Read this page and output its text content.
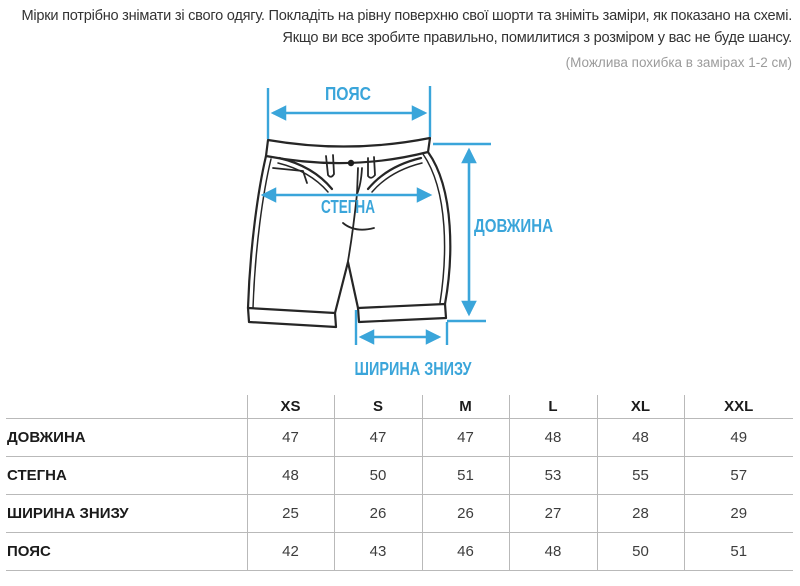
Мірки потрібно знімати зі свого одягу. Покладіть на рівну поверхню свої шорти та зніміть заміри, як показано на схемі.
Якщо ви все зробите правильно, помилитися з розміром у вас не буде шансу.
(Можлива похибка в замірах 1-2 см)
ПОЯС
СТЕГНА
ДОВЖИНА
ШИРИНА ЗНИЗУ
	XS	S	M	L	XL	XXL
ДОВЖИНА	47	47	47	48	48	49
СТЕГНА	48	50	51	53	55	57
ШИРИНА ЗНИЗУ	25	26	26	27	28	29
ПОЯС	42	43	46	48	50	51
